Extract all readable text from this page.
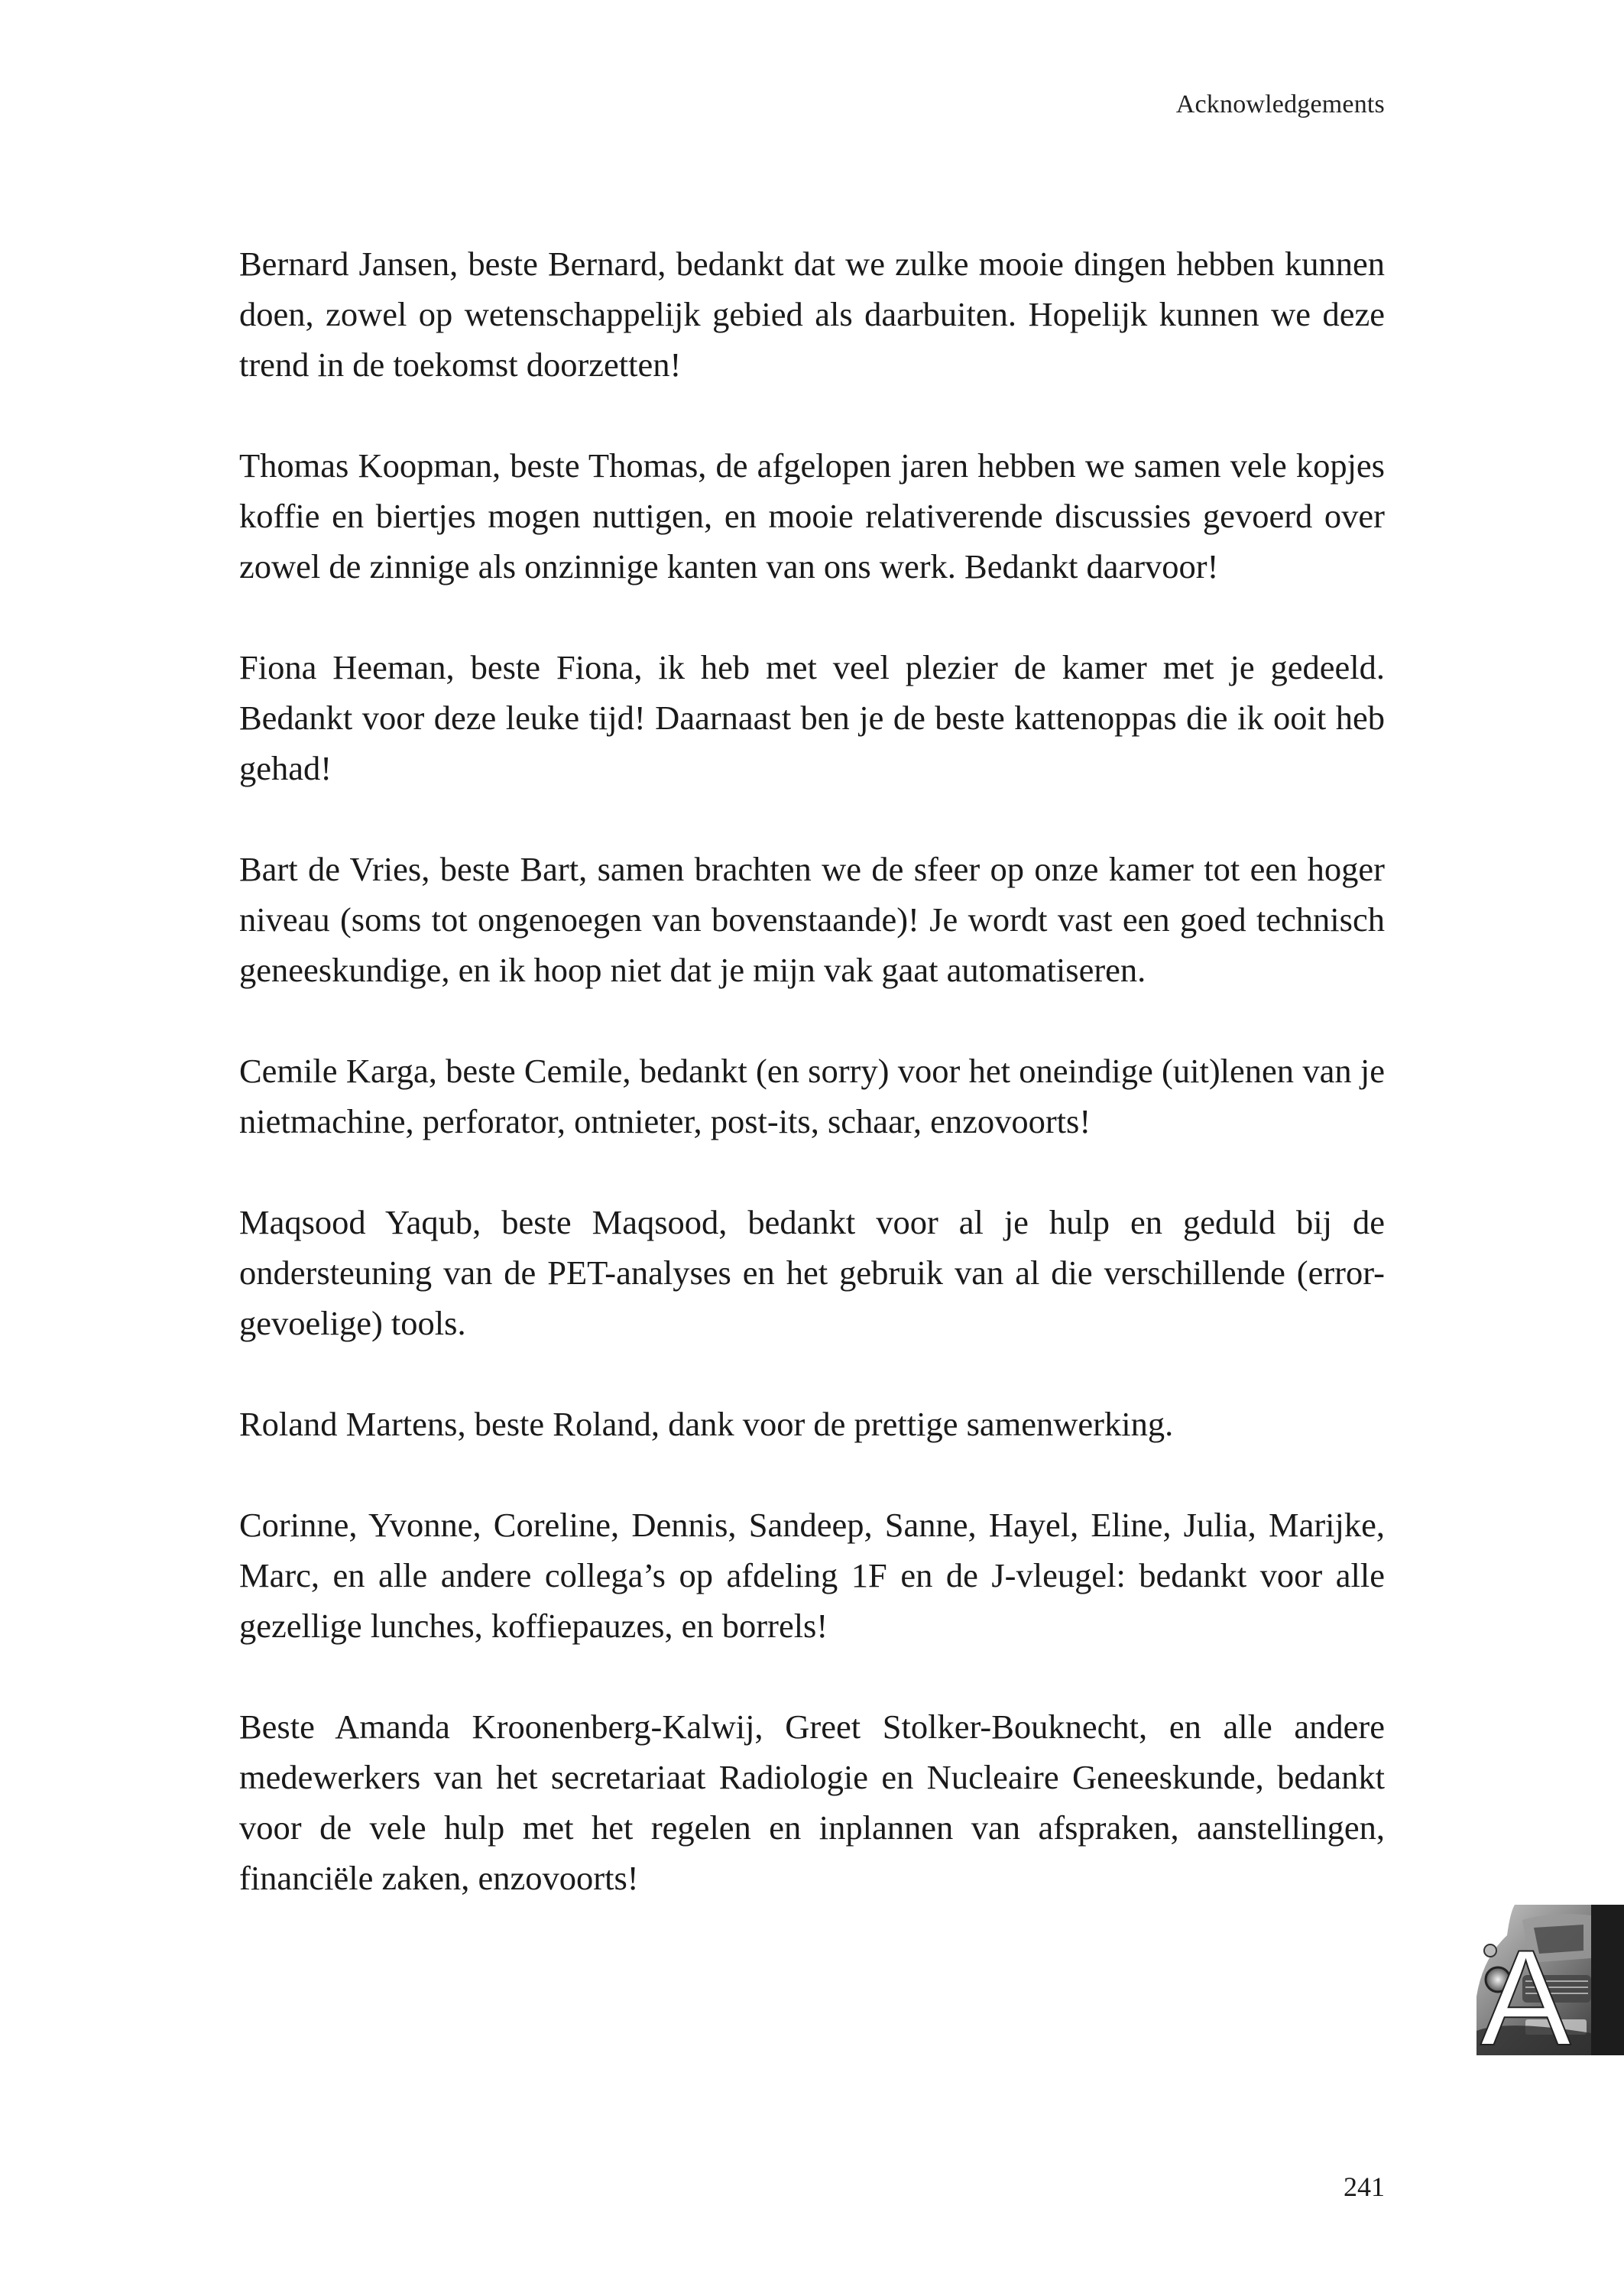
Acknowledgements

Bernard Jansen, beste Bernard, bedankt dat we zulke mooie dingen hebben kunnen doen, zowel op wetenschappelijk gebied als daarbuiten. Hopelijk kunnen we deze trend in de toekomst doorzetten!

Thomas Koopman, beste Thomas, de afgelopen jaren hebben we samen vele kopjes koffie en biertjes mogen nuttigen, en mooie relativerende discussies gevoerd over zowel de zinnige als onzinnige kanten van ons werk. Bedankt daarvoor!

Fiona Heeman, beste Fiona, ik heb met veel plezier de kamer met je gedeeld. Bedankt voor deze leuke tijd! Daarnaast ben je de beste kattenoppas die ik ooit heb gehad!

Bart de Vries, beste Bart, samen brachten we de sfeer op onze kamer tot een hoger niveau (soms tot ongenoegen van bovenstaande)! Je wordt vast een goed technisch geneeskundige, en ik hoop niet dat je mijn vak gaat automatiseren.

Cemile Karga, beste Cemile, bedankt (en sorry) voor het oneindige (uit)lenen van je nietmachine, perforator, ontnieter, post-its, schaar, enzovoorts!

Maqsood Yaqub, beste Maqsood, bedankt voor al je hulp en geduld bij de ondersteuning van de PET-analyses en het gebruik van al die verschillende (error-gevoelige) tools.

Roland Martens, beste Roland, dank voor de prettige samenwerking.

Corinne, Yvonne, Coreline, Dennis, Sandeep, Sanne, Hayel, Eline, Julia, Marijke, Marc, en alle andere collega’s op afdeling 1F en de J-vleugel: bedankt voor alle gezellige lunches, koffiepauzes, en borrels!

Beste Amanda Kroonenberg-Kalwij, Greet Stolker-Bouknecht, en alle andere medewerkers van het secretariaat Radiologie en Nucleaire Geneeskunde, bedankt voor de vele hulp met het regelen en inplannen van afspraken, aanstellingen, financiële zaken, enzovoorts!

A
241
